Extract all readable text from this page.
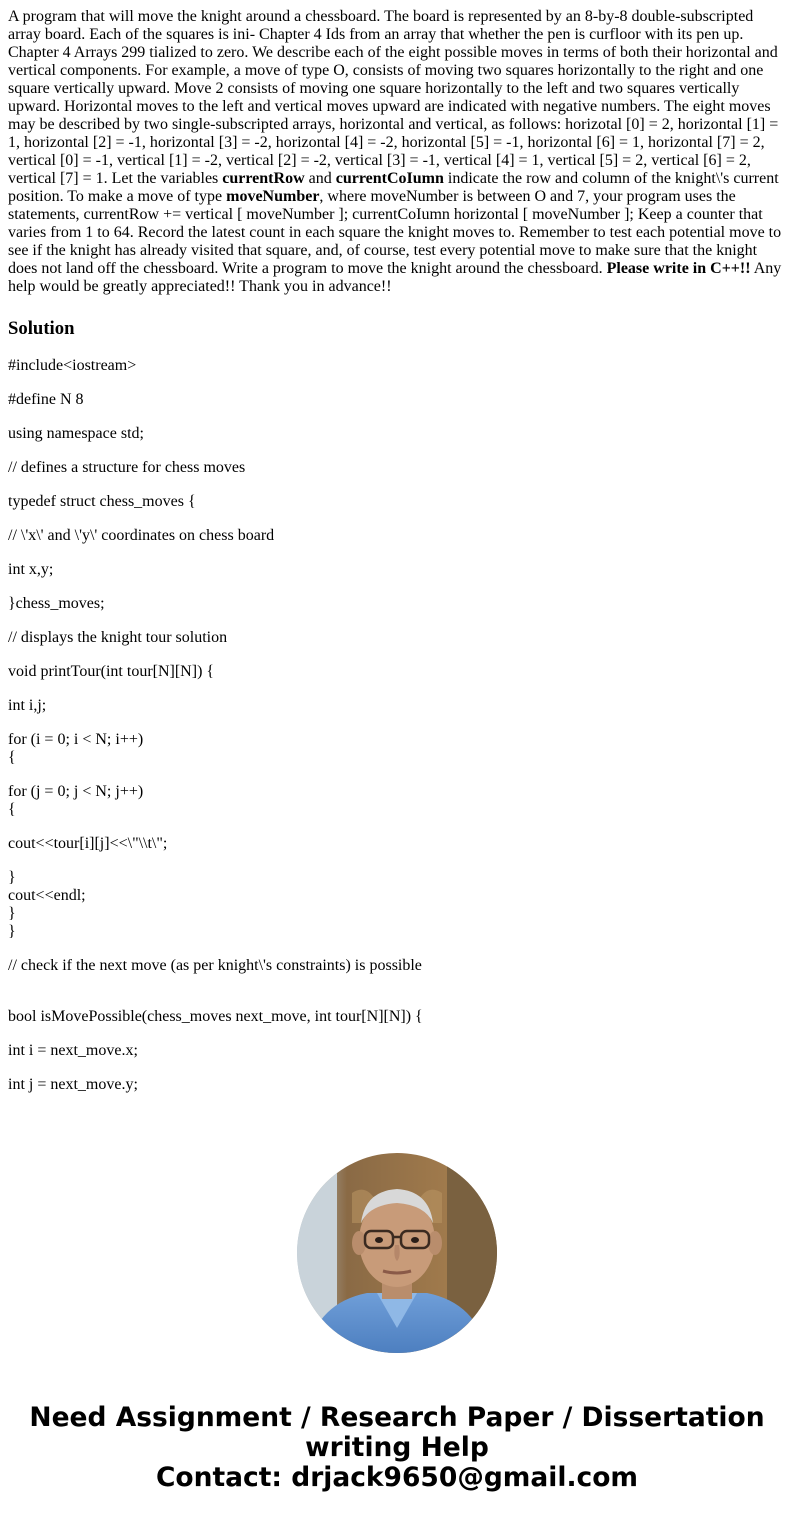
A program that will move the knight around a chessboard. The board is represented by an 8-by-8 double-subscripted array board. Each of the squares is ini- Chapter 4 Ids from an array that whether the pen is curfloor with its pen up. Chapter 4 Arrays 299 tialized to zero. We describe each of the eight possible moves in terms of both their horizontal and vertical components. For example, a move of type O, consists of moving two squares horizontally to the right and one square vertically upward. Move 2 consists of moving one square horizontally to the left and two squares vertically upward. Horizontal moves to the left and vertical moves upward are indicated with negative numbers. The eight moves may be described by two single-subscripted arrays, horizontal and vertical, as follows: horizotal [0] = 2, horizontal [1] = 1, horizontal [2] = -1, horizontal [3] = -2, horizontal [4] = -2, horizontal [5] = -1, horizontal [6] = 1, horizontal [7] = 2, vertical [0] = -1, vertical [1] = -2, vertical [2] = -2, vertical [3] = -1, vertical [4] = 1, vertical [5] = 2, vertical [6] = 2, vertical [7] = 1. Let the variables currentRow and currentCoIumn indicate the row and column of the knight\'s current position. To make a move of type moveNumber, where moveNumber is between O and 7, your program uses the statements, currentRow += vertical [ moveNumber ]; currentCoIumn horizontal [ moveNumber ]; Keep a counter that varies from 1 to 64. Record the latest count in each square the knight moves to. Remember to test each potential move to see if the knight has already visited that square, and, of course, test every potential move to make sure that the knight does not land off the chessboard. Write a program to move the knight around the chessboard. Please write in C++!! Any help would be greatly appreciated!! Thank you in advance!!

Solution
#include<iostream>
#define N 8
using namespace std;
// defines a structure for chess moves
typedef struct chess_moves {
// \'x\' and \'y\' coordinates on chess board
int x,y;
}chess_moves;
// displays the knight tour solution
void printTour(int tour[N][N]) {
int i,j;
for (i = 0; i < N; i++)
{
for (j = 0; j < N; j++)
{
cout<<tour[i][j]<<\"\\t\";
}
cout<<endl;
}
}
// check if the next move (as per knight\'s constraints) is possible
bool isMovePossible(chess_moves next_move, int tour[N][N]) {
int i = next_move.x;
int j = next_move.y;
Need Assignment / Research Paper / Dissertation
writing Help
Contact: drjack9650@gmail.com
